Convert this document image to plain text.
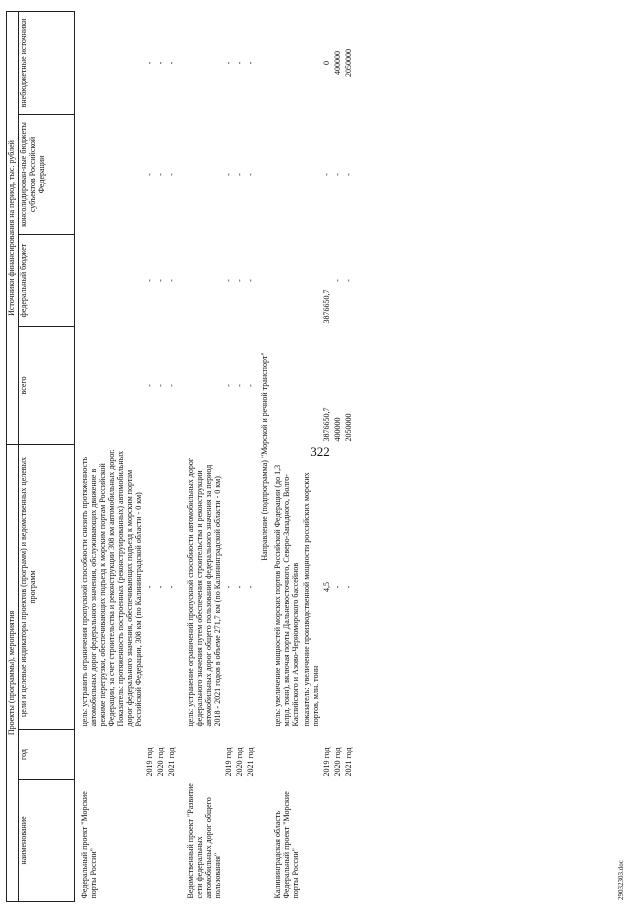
322
Проекты (программы), мероприятия			Источники финансирования на период, тыс. рублей			
наименование	год	цели и целевые индикаторы проектов (программ) и ведомственных целевых программ	всего	федеральный бюджет	консолидирован-ные бюджеты субъектов Российской Федерации	внебюджетные источники
Федеральный проект "Морские порты России"		цель: устранить ограничения пропускной способности снизить протяженность автомобильных дорог федерального значения, обслуживающих движение в режиме перегрузки, обеспечивающих подъезд к морским портам Российской Федерации, за счет строительства и реконструкции 308 км автомобильных дорог. Показатель: протяженность построенных (реконструированных) автомобильных дорог федерального значения, обеспечивающих подъезд к морским портам Российской Федерации, 308 км (по Калининградской области - 0 км)				
	2019 год	-	-	-	-	-
	2020 год	-	-	-	-	-
	2021 год	-	-	-	-	-

Ведомственный проект "Развитие сети федеральных автомобильных дорог общего пользования"		цель: устранение ограничений пропускной способности автомобильных дорог федерального значения путем обеспечения строительства и реконструкции автомобильных дорог общего пользования федерального значения за период 2018 - 2021 годов в объеме 271,7 км (по Калининградской области - 0 км)				
	2019 год	-	-	-	-	-
	2020 год	-	-	-	-	-
	2021 год	-	-	-	-	-
Направление (подпрограмма) "Морской и речной транспорт"						
Калининградская область Федеральный проект "Морские порты России"		цель: увеличение мощностей морских портов Российской Федерации (до 1,3 млрд. тонн), включая порты Дальневосточного, Северо-Западного, Волго-Каспийского и Азово-Черноморского бассейнов				
		показатель: увеличение производственной мощности российских морских портов, млн. тонн				
	2019 год	4,5	3876650,7	3876650,7	-	0
	2020 год	-	400000	-	-	400000
	2021 год	-	2050000	-	-	2050000
29032303.doc
